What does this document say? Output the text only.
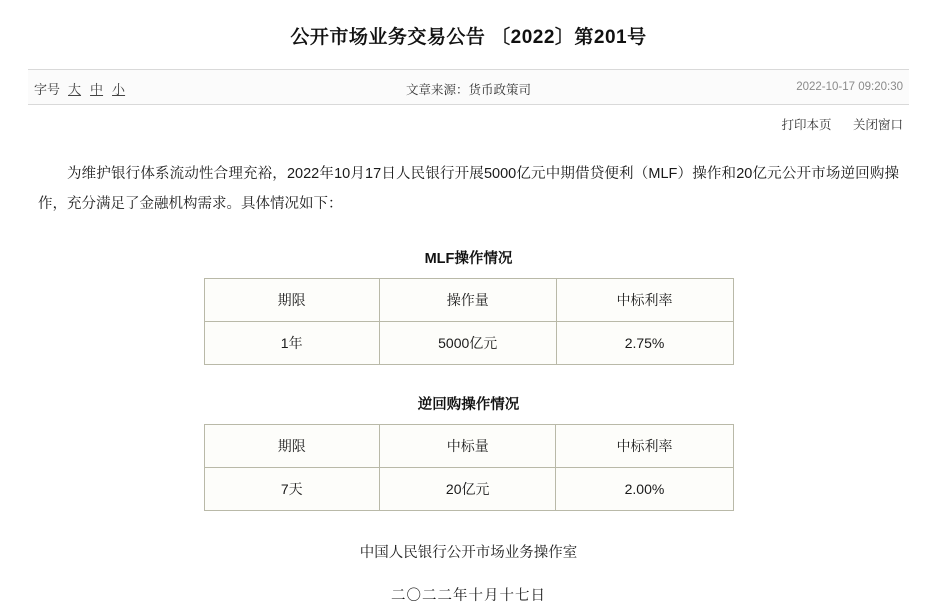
公开市场业务交易公告 〔2022〕第201号
字号 大 中 小	文章来源：货币政策司	2022-10-17 09:20:30
打印本页 关闭窗口

为维护银行体系流动性合理充裕，2022年10月17日人民银行开展5000亿元中期借贷便利（MLF）操作和20亿元公开市场逆回购操作，充分满足了金融机构需求。具体情况如下：

MLF操作情况
期限	操作量	中标利率
1年	5000亿元	2.75%
逆回购操作情况
期限	中标量	中标利率
7天	20亿元	2.00%
中国人民银行公开市场业务操作室
二〇二二年十月十七日
